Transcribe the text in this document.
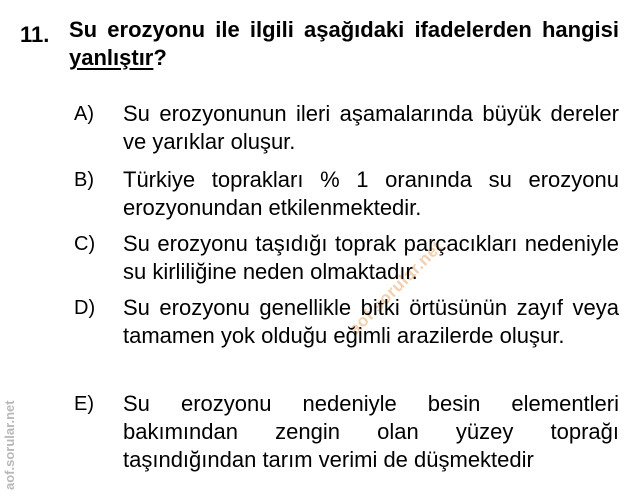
aof.sorular.net
aof.sorular.net
11. Su erozyonu ile ilgili aşağıdaki ifadelerden hangisi yanlıştır?
A) Su erozyonunun ileri aşamalarında büyük dereler ve yarıklar oluşur.
B) Türkiye toprakları % 1 oranında su erozyonu erozyonundan etkilenmektedir.
C) Su erozyonu taşıdığı toprak parçacıkları nedeniyle su kirliliğine neden olmaktadır.
D) Su erozyonu genellikle bitki örtüsünün zayıf veya tamamen yok olduğu eğimli arazilerde oluşur.
E) Su erozyonu nedeniyle besin elementleri bakımından zengin olan yüzey toprağı taşındığından tarım verimi de düşmektedir
